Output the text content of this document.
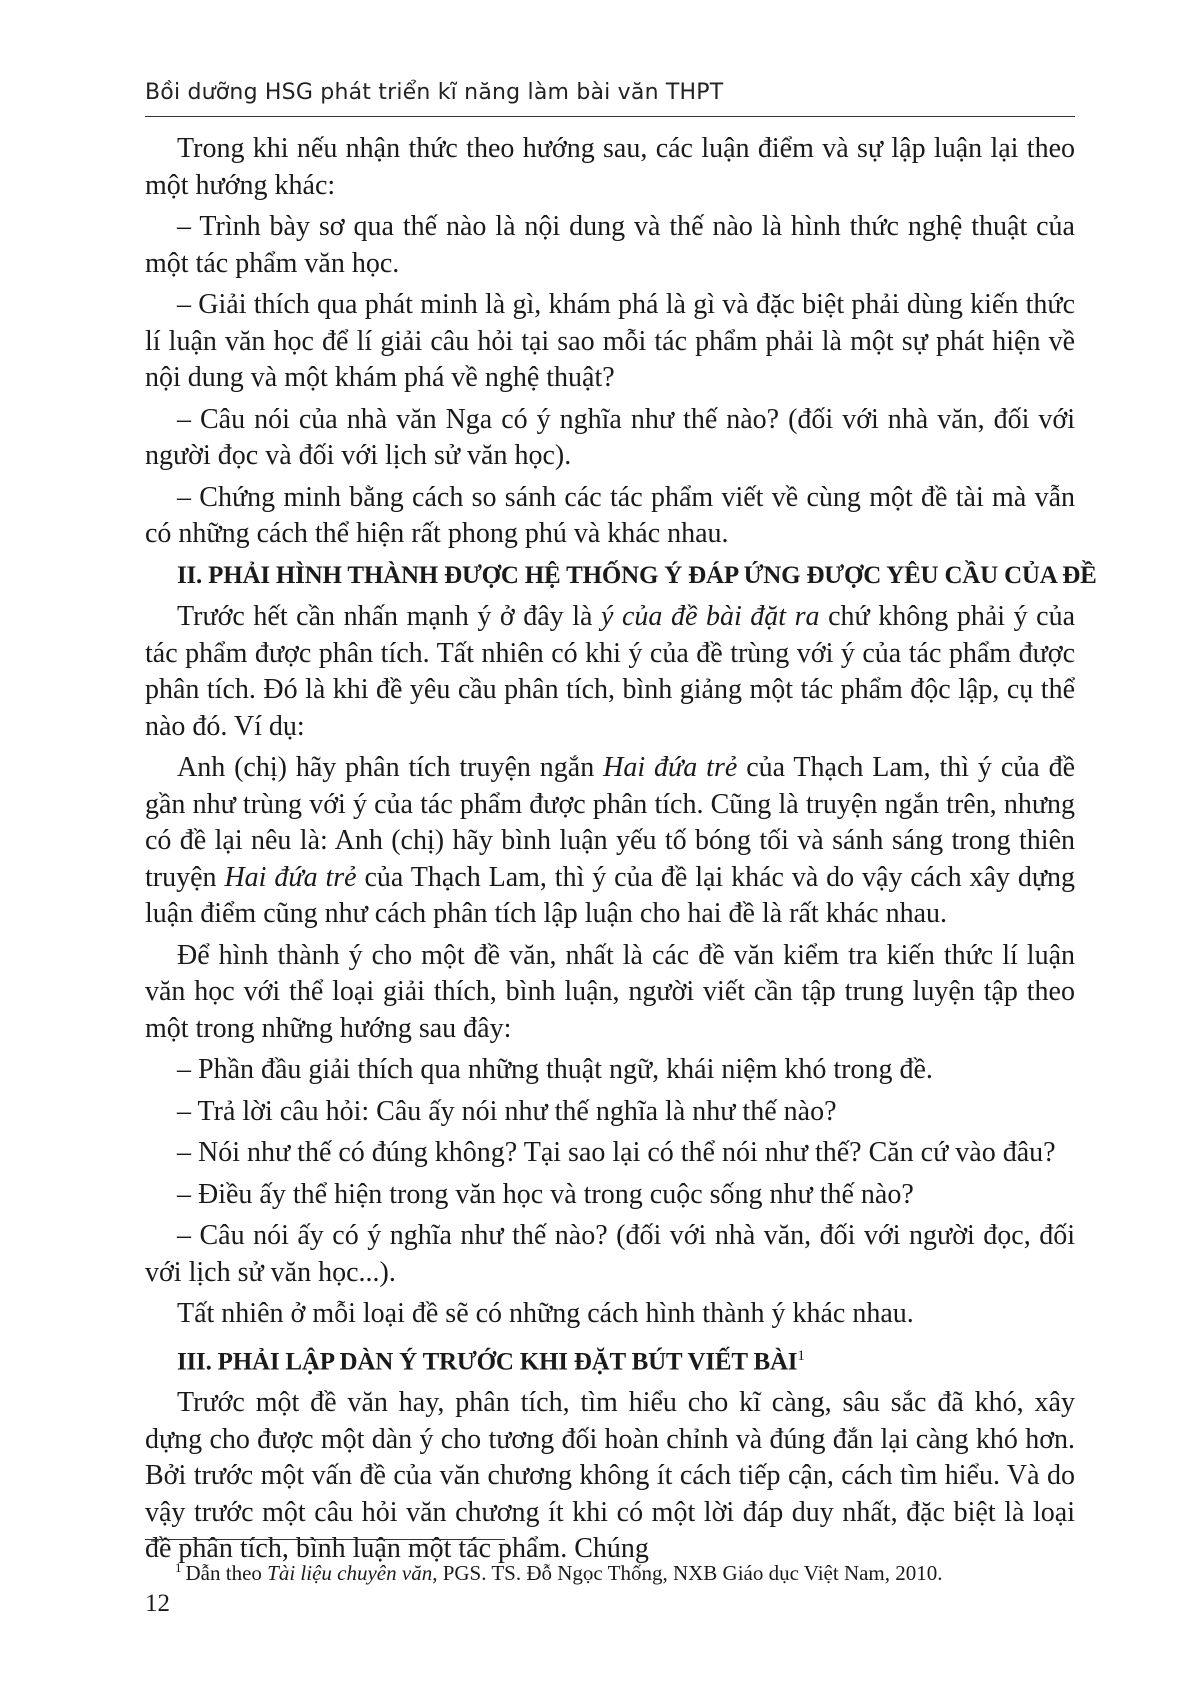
Bồi dưỡng HSG phát triển kĩ năng làm bài văn THPT

Trong khi nếu nhận thức theo hướng sau, các luận điểm và sự lập luận lại theo một hướng khác:

– Trình bày sơ qua thế nào là nội dung và thế nào là hình thức nghệ thuật của một tác phẩm văn học.

– Giải thích qua phát minh là gì, khám phá là gì và đặc biệt phải dùng kiến thức lí luận văn học để lí giải câu hỏi tại sao mỗi tác phẩm phải là một sự phát hiện về nội dung và một khám phá về nghệ thuật?

– Câu nói của nhà văn Nga có ý nghĩa như thế nào? (đối với nhà văn, đối với người đọc và đối với lịch sử văn học).

– Chứng minh bằng cách so sánh các tác phẩm viết về cùng một đề tài mà vẫn có những cách thể hiện rất phong phú và khác nhau.

II. PHẢI HÌNH THÀNH ĐƯỢC HỆ THỐNG Ý ĐÁP ỨNG ĐƯỢC YÊU CẦU CỦA ĐỀ

Trước hết cần nhấn mạnh ý ở đây là ý của đề bài đặt ra chứ không phải ý của tác phẩm được phân tích. Tất nhiên có khi ý của đề trùng với ý của tác phẩm được phân tích. Đó là khi đề yêu cầu phân tích, bình giảng một tác phẩm độc lập, cụ thể nào đó. Ví dụ:

Anh (chị) hãy phân tích truyện ngắn Hai đứa trẻ của Thạch Lam, thì ý của đề gần như trùng với ý của tác phẩm được phân tích. Cũng là truyện ngắn trên, nhưng có đề lại nêu là: Anh (chị) hãy bình luận yếu tố bóng tối và sánh sáng trong thiên truyện Hai đứa trẻ của Thạch Lam, thì ý của đề lại khác và do vậy cách xây dựng luận điểm cũng như cách phân tích lập luận cho hai đề là rất khác nhau.

Để hình thành ý cho một đề văn, nhất là các đề văn kiểm tra kiến thức lí luận văn học với thể loại giải thích, bình luận, người viết cần tập trung luyện tập theo một trong những hướng sau đây:

– Phần đầu giải thích qua những thuật ngữ, khái niệm khó trong đề.

– Trả lời câu hỏi: Câu ấy nói như thế nghĩa là như thế nào?

– Nói như thế có đúng không? Tại sao lại có thể nói như thế? Căn cứ vào đâu?

– Điều ấy thể hiện trong văn học và trong cuộc sống như thế nào?

– Câu nói ấy có ý nghĩa như thế nào? (đối với nhà văn, đối với người đọc, đối với lịch sử văn học...).

Tất nhiên ở mỗi loại đề sẽ có những cách hình thành ý khác nhau.

III. PHẢI LẬP DÀN Ý TRƯỚC KHI ĐẶT BÚT VIẾT BÀI$^1$

Trước một đề văn hay, phân tích, tìm hiểu cho kĩ càng, sâu sắc đã khó, xây dựng cho được một dàn ý cho tương đối hoàn chỉnh và đúng đắn lại càng khó hơn. Bởi trước một vấn đề của văn chương không ít cách tiếp cận, cách tìm hiểu. Và do vậy trước một câu hỏi văn chương ít khi có một lời đáp duy nhất, đặc biệt là loại đề phân tích, bình luận một tác phẩm. Chúng

$^1$ Dẫn theo Tài liệu chuyên văn, PGS. TS. Đỗ Ngọc Thống, NXB Giáo dục Việt Nam, 2010.
12
